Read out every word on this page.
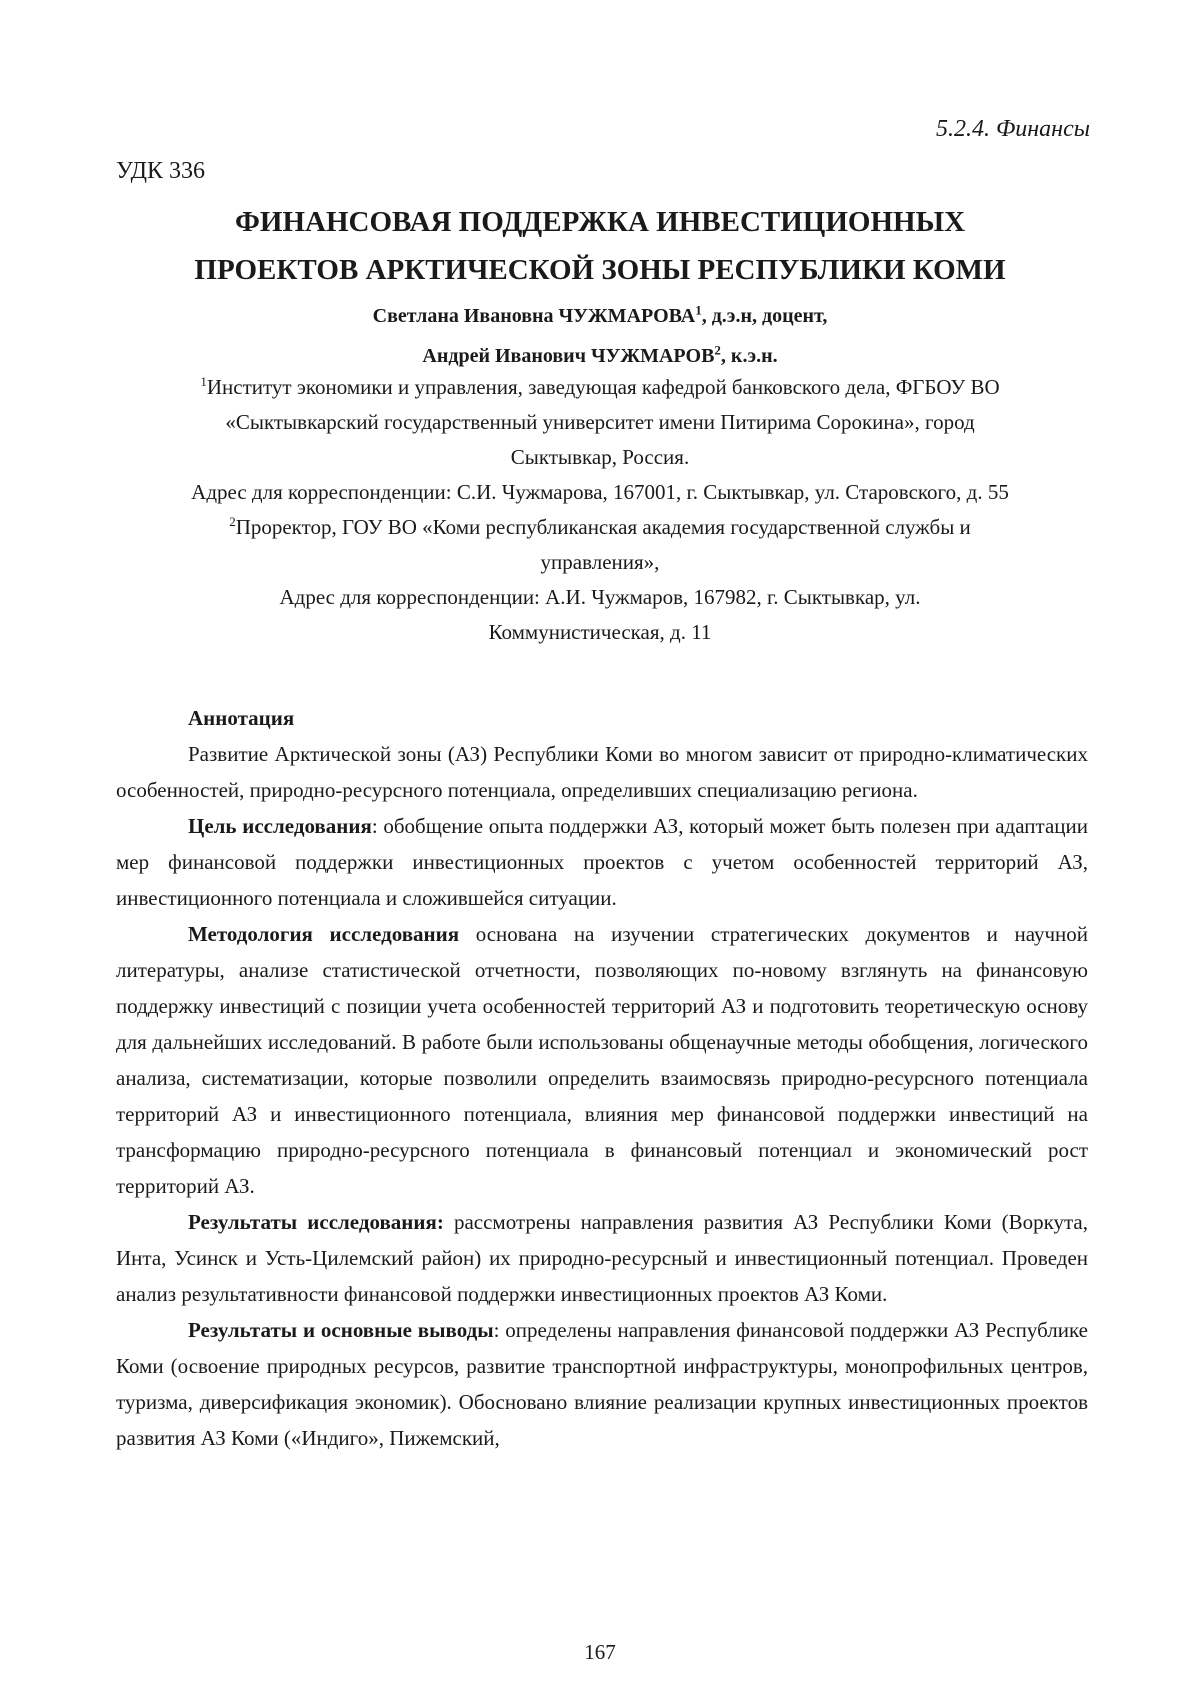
5.2.4. Финансы
УДК 336
ФИНАНСОВАЯ ПОДДЕРЖКА ИНВЕСТИЦИОННЫХ
ПРОЕКТОВ АРКТИЧЕСКОЙ ЗОНЫ РЕСПУБЛИКИ КОМИ
Светлана Ивановна ЧУЖМАРОВА$^1$, д.э.н, доцент,
Андрей Иванович ЧУЖМАРОВ$^2$, к.э.н.
$^1$Институт экономики и управления, заведующая кафедрой банковского дела, ФГБОУ ВО
«Сыктывкарский государственный университет имени Питирима Сорокина», город
Сыктывкар, Россия.
Адрес для корреспонденции: С.И. Чужмарова, 167001, г. Сыктывкар, ул. Старовского, д. 55
$^2$Проректор, ГОУ ВО «Коми республиканская академия государственной службы и
управления»,
Адрес для корреспонденции: А.И. Чужмаров, 167982, г. Сыктывкар, ул.
Коммунистическая, д. 11

Аннотация

Развитие Арктической зоны (АЗ) Республики Коми во многом зависит от природно-климатических особенностей, природно-ресурсного потенциала, определивших специализацию региона.

Цель исследования: обобщение опыта поддержки АЗ, который может быть полезен при адаптации мер финансовой поддержки инвестиционных проектов с учетом особенностей территорий АЗ, инвестиционного потенциала и сложившейся ситуации.

Методология исследования основана на изучении стратегических документов и научной литературы, анализе статистической отчетности, позволяющих по-новому взглянуть на финансовую поддержку инвестиций с позиции учета особенностей территорий АЗ и подготовить теоретическую основу для дальнейших исследований. В работе были использованы общенаучные методы обобщения, логического анализа, систематизации, которые позволили определить взаимосвязь природно-ресурсного потенциала территорий АЗ и инвестиционного потенциала, влияния мер финансовой поддержки инвестиций на трансформацию природно-ресурсного потенциала в финансовый потенциал и экономический рост территорий АЗ.

Результаты исследования: рассмотрены направления развития АЗ Республики Коми (Воркута, Инта, Усинск и Усть-Цилемский район) их природно-ресурсный и инвестиционный потенциал. Проведен анализ результативности финансовой поддержки инвестиционных проектов АЗ Коми.

Результаты и основные выводы: определены направления финансовой поддержки АЗ Республике Коми (освоение природных ресурсов, развитие транспортной инфраструктуры, монопрофильных центров, туризма, диверсификация экономик). Обосновано влияние реализации крупных инвестиционных проектов развития АЗ Коми («Индиго», Пижемский,

167
